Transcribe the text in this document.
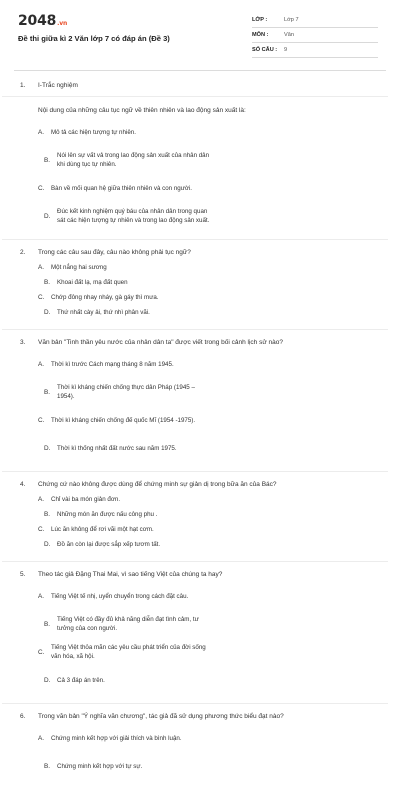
2048.vn
Đề thi giữa kì 2 Văn lớp 7 có đáp án (Đề 3)
LỚP :	Lớp 7
MÔN :	Văn
SỐ CÂU :	9
1.	I-Trắc nghiệm
Nội dung của những câu tục ngữ về thiên nhiên và lao động sản xuất là:
A.	Mô tả các hiện tượng tự nhiên.
B.
Nói lên sự vất vả trong lao động sản xuất của nhân dân khi dùng tục tự nhiên.
C.	Bàn về mối quan hệ giữa thiên nhiên và con người.
D.
Đúc kết kinh nghiệm quý báu của nhân dân trong quan sát các hiện tượng tự nhiên và trong lao động sản xuất.
2.	Trong các câu sau đây, câu nào không phải tục ngữ?
A.	Một nắng hai sương
B.	Khoai đất lạ, mạ đất quen
C.	Chớp đông nhay nháy, gà gáy thì mưa.
D.	Thứ nhất cày ải, thứ nhì phân vãi.
3.	Văn bản "Tinh thần yêu nước của nhân dân ta" được viết trong bối cảnh lịch sử nào?
A.	Thời kì trước Cách mạng tháng 8 năm 1945.
B.
Thời kì kháng chiến chống thực dân Pháp (1945 – 1954).
C.	Thời kì kháng chiến chống đế quốc Mĩ (1954 -1975).
D.	Thời kì thống nhất đất nước sau năm 1975.
4.	Chứng cứ nào không được dùng để chứng minh sự giản dị trong bữa ăn của Bác?
A.	Chỉ vài ba món giản đơn.
B.	Những món ăn được nấu công phu .
C.	Lúc ăn không để rơi vãi một hạt cơm.
D.	Đồ ăn còn lại được sắp xếp tươm tất.
5.	Theo tác giả Đặng Thai Mai, vì sao tiếng Việt của chúng ta hay?
A.	Tiếng Việt tế nhị, uyển chuyển trong cách đặt câu.
B.
Tiếng Việt có đầy đủ khả năng diễn đạt tình cảm, tư tưởng của con người.
C.
Tiếng Việt thỏa mãn các yêu cầu phát triển của đời sống văn hóa, xã hội.
D.	Cả 3 đáp án trên.
6.	Trong văn bản "Ý nghĩa văn chương", tác giả đã sử dụng phương thức biểu đạt nào?
A.	Chứng minh kết hợp với giải thích và bình luận.
B.	Chứng minh kết hợp với tự sự.
